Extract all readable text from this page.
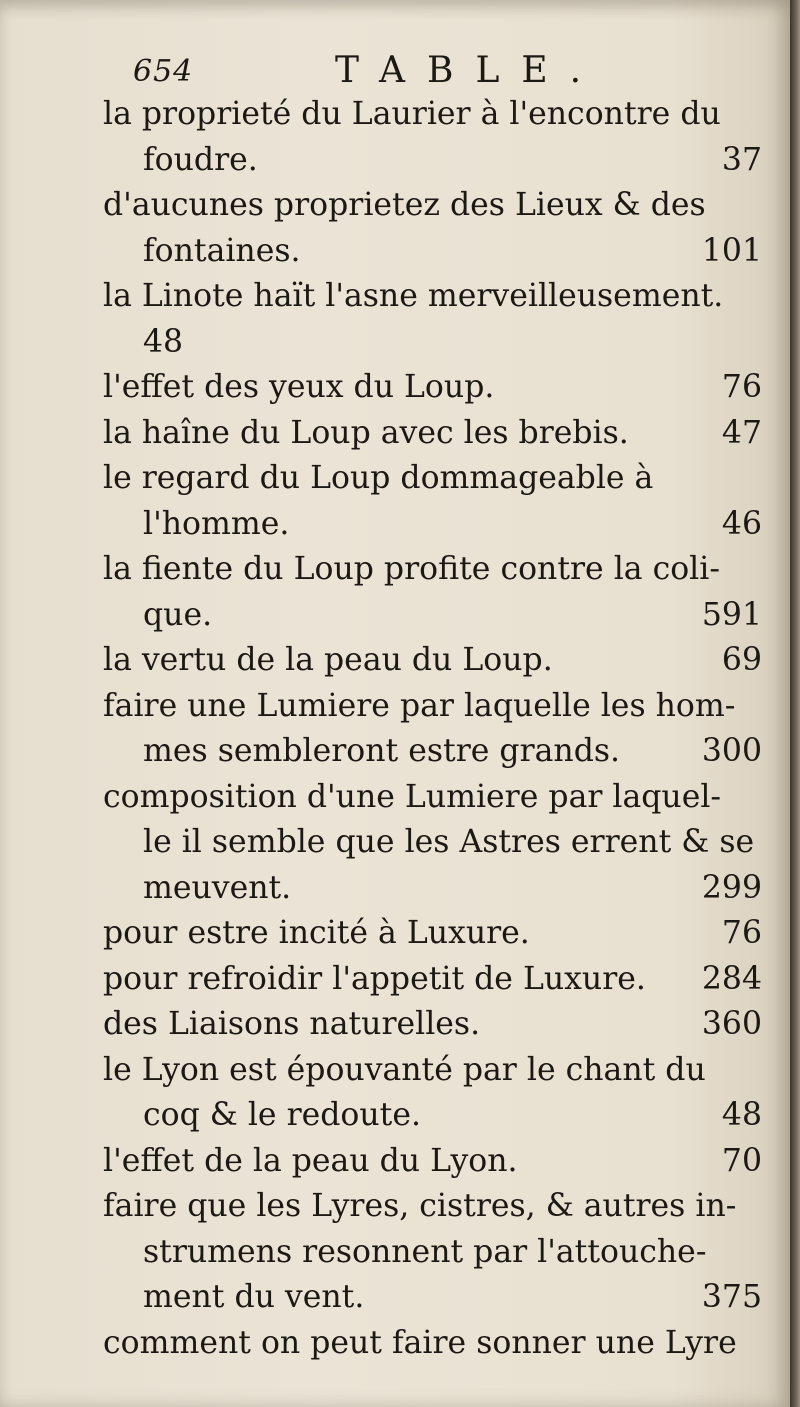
654	TABLE.
la proprieté du Laurier à l'encontre du
foudre.	37
d'aucunes proprietez des Lieux & des
fontaines.	101
la Linote haït l'asne merveilleusement.
48
l'effet des yeux du Loup.	76
la haîne du Loup avec les brebis.	47
le regard du Loup dommageable à
l'homme.	46
la fiente du Loup profite contre la coli-
que.	591
la vertu de la peau du Loup.	69
faire une Lumiere par laquelle les hom-
mes sembleront estre grands.	300
composition d'une Lumiere par laquel-
le il semble que les Astres errent & se
meuvent.	299
pour estre incité à Luxure.	76
pour refroidir l'appetit de Luxure. 284
des Liaisons naturelles.	360
le Lyon est épouvanté par le chant du
coq & le redoute.	48
l'effet de la peau du Lyon.	70
faire que les Lyres, cistres, & autres in-
strumens resonnent par l'attouche-
ment du vent.	375
comment on peut faire sonner une Lyre
